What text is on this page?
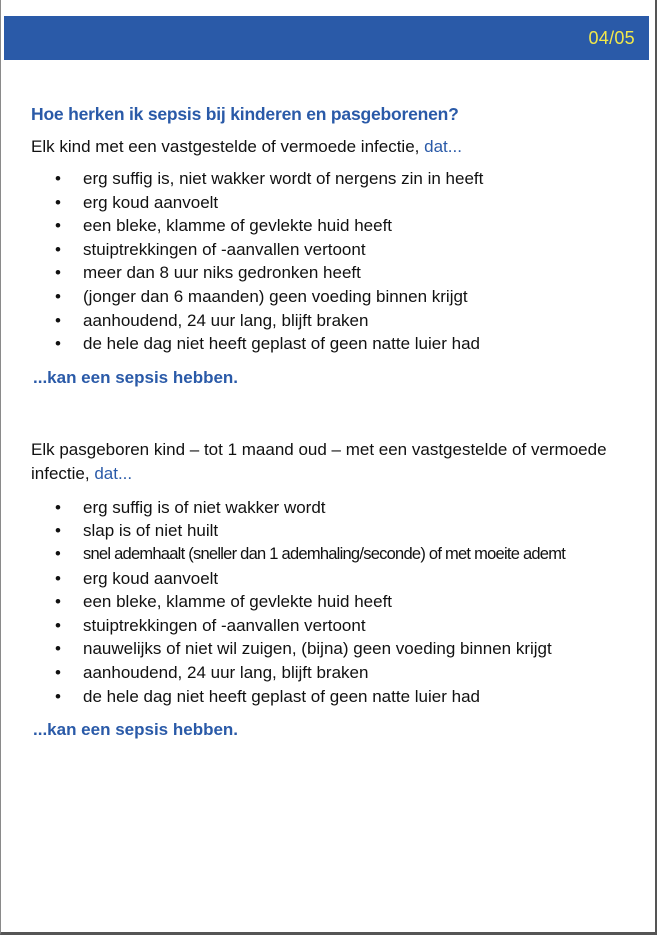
04/05
Hoe herken ik sepsis bij kinderen en pasgeborenen?

Elk kind met een vastgestelde of vermoede infectie, dat...

• erg suffig is, niet wakker wordt of nergens zin in heeft
• erg koud aanvoelt
• een bleke, klamme of gevlekte huid heeft
• stuiptrekkingen of -aanvallen vertoont
• meer dan 8 uur niks gedronken heeft
• (jonger dan 6 maanden) geen voeding binnen krijgt
• aanhoudend, 24 uur lang, blijft braken
• de hele dag niet heeft geplast of geen natte luier had

...kan een sepsis hebben.

Elk pasgeboren kind – tot 1 maand oud – met een vastgestelde of vermoede infectie, dat...

• erg suffig is of niet wakker wordt
• slap is of niet huilt
• snel ademhaalt (sneller dan 1 ademhaling/seconde) of met moeite ademt
• erg koud aanvoelt
• een bleke, klamme of gevlekte huid heeft
• stuiptrekkingen of -aanvallen vertoont
• nauwelijks of niet wil zuigen, (bijna) geen voeding binnen krijgt
• aanhoudend, 24 uur lang, blijft braken
• de hele dag niet heeft geplast of geen natte luier had

...kan een sepsis hebben.
